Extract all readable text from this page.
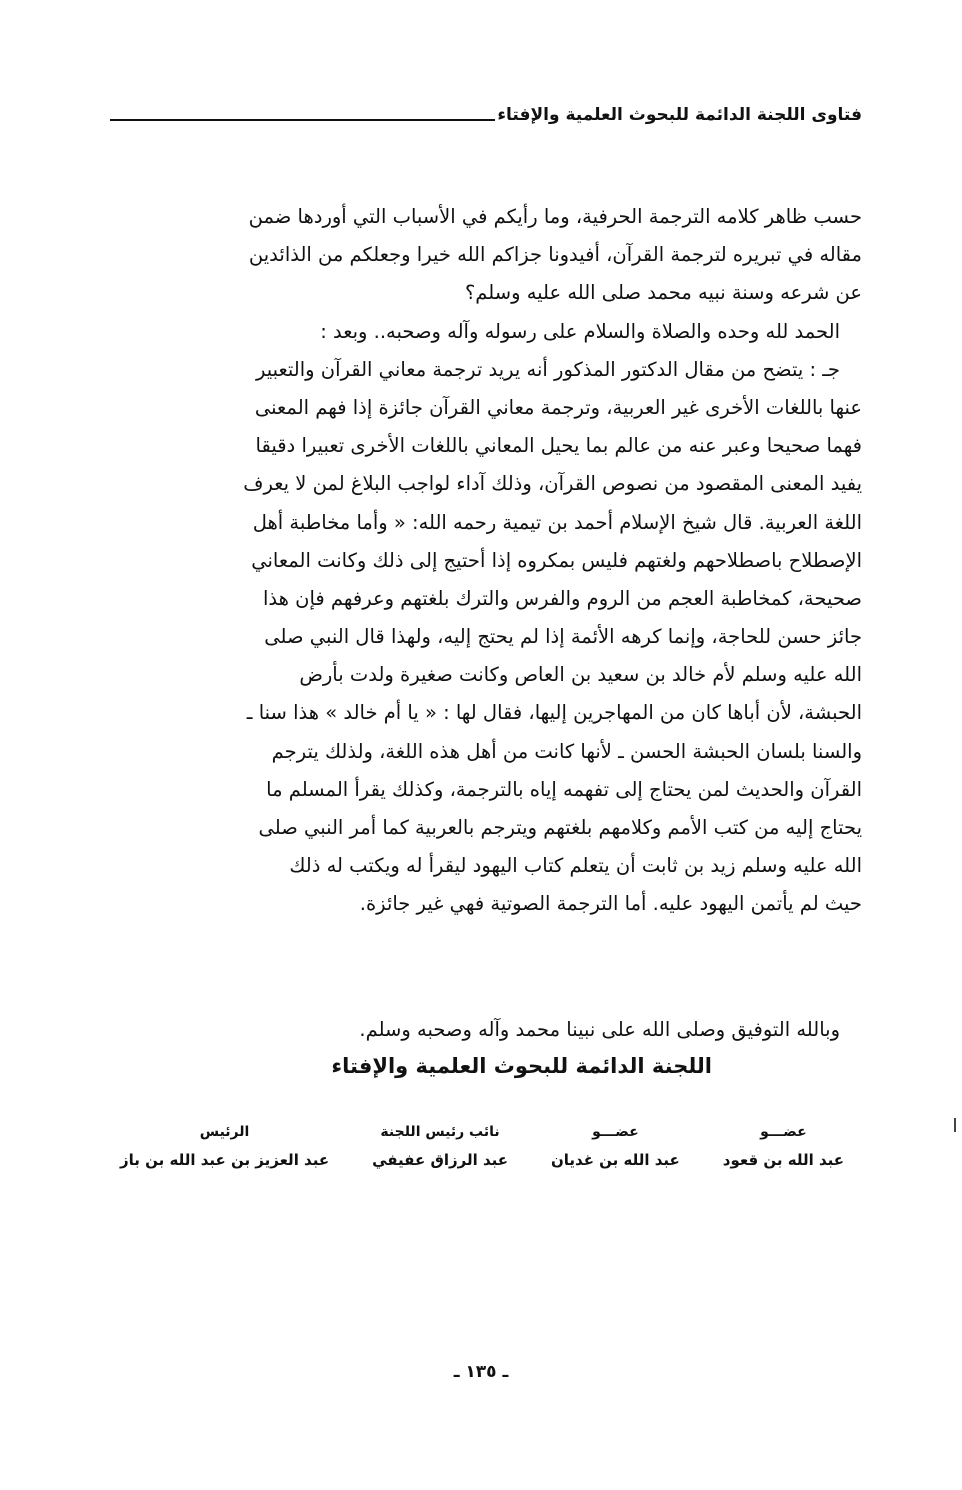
فتاوى اللجنة الدائمة للبحوث العلمية والإفتاء
حسب ظاهر كلامه الترجمة الحرفية، وما رأيكم في الأسباب التي أوردها ضمن
مقاله في تبريره لترجمة القرآن، أفيدونا جزاكم الله خيرا وجعلكم من الذائدين
عن شرعه وسنة نبيه محمد صلى الله عليه وسلم؟
الحمد لله وحده والصلاة والسلام على رسوله وآله وصحبه.. وبعد :
جـ : يتضح من مقال الدكتور المذكور أنه يريد ترجمة معاني القرآن والتعبير
عنها باللغات الأخرى غير العربية، وترجمة معاني القرآن جائزة إذا فهم المعنى
فهما صحيحا وعبر عنه من عالم بما يحيل المعاني باللغات الأخرى تعبيرا دقيقا
يفيد المعنى المقصود من نصوص القرآن، وذلك آداء لواجب البلاغ لمن لا يعرف
اللغة العربية. قال شيخ الإسلام أحمد بن تيمية رحمه الله: « وأما مخاطبة أهل
الإصطلاح باصطلاحهم ولغتهم فليس بمكروه إذا أحتيج إلى ذلك وكانت المعاني
صحيحة، كمخاطبة العجم من الروم والفرس والترك بلغتهم وعرفهم فإن هذا
جائز حسن للحاجة، وإنما كرهه الأئمة إذا لم يحتج إليه، ولهذا قال النبي صلى
الله عليه وسلم لأم خالد بن سعيد بن العاص وكانت صغيرة ولدت بأرض
الحبشة، لأن أباها كان من المهاجرين إليها، فقال لها : « يا أم خالد » هذا سنا ـ
والسنا بلسان الحبشة الحسن ـ لأنها كانت من أهل هذه اللغة، ولذلك يترجم
القرآن والحديث لمن يحتاج إلى تفهمه إياه بالترجمة، وكذلك يقرأ المسلم ما
يحتاج إليه من كتب الأمم وكلامهم بلغتهم ويترجم بالعربية كما أمر النبي صلى
الله عليه وسلم زيد بن ثابت أن يتعلم كتاب اليهود ليقرأ له ويكتب له ذلك
حيث لم يأتمن اليهود عليه. أما الترجمة الصوتية فهي غير جائزة.
وبالله التوفيق وصلى الله على نبينا محمد وآله وصحبه وسلم.
اللجنة الدائمة للبحوث العلمية والإفتاء
عضـــو
عبد الله بن قعود
عضـــو
عبد الله بن غديان
نائب رئيس اللجنة
عبد الرزاق عفيفي
الرئيس
عبد العزيز بن عبد الله بن باز
ـ ١٣٥ ـ
